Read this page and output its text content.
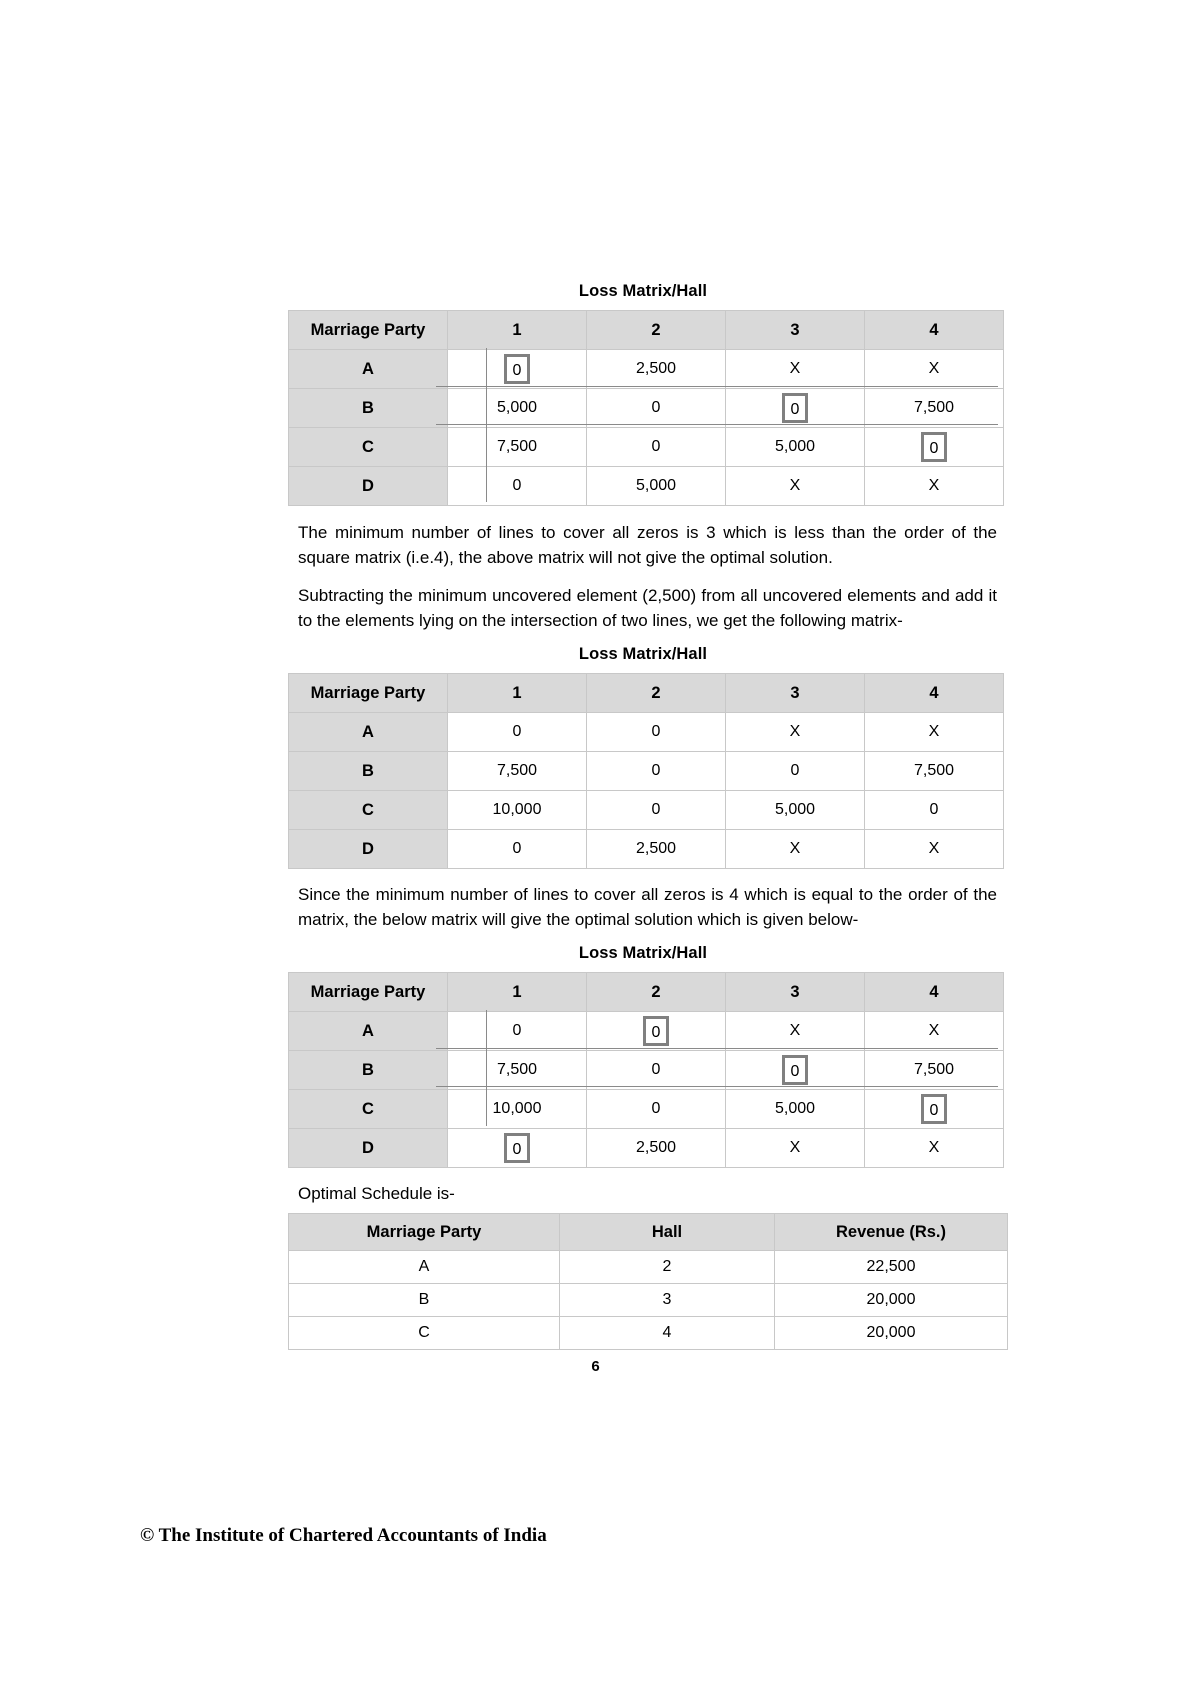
Loss Matrix/Hall
Marriage Party	1	2	3	4
A	0	2,500	X	X
B	5,000	0	0	7,500
C	7,500	0	5,000	0
D	0	5,000	X	X

The minimum number of lines to cover all zeros is 3 which is less than the order of the square matrix (i.e.4), the above matrix will not give the optimal solution.

Subtracting the minimum uncovered element (2,500) from all uncovered elements and add it to the elements lying on the intersection of two lines, we get the following matrix-

Loss Matrix/Hall
Marriage Party	1	2	3	4
A	0	0	X	X
B	7,500	0	0	7,500
C	10,000	0	5,000	0
D	0	2,500	X	X

Since the minimum number of lines to cover all zeros is 4 which is equal to the order of the matrix, the below matrix will give the optimal solution which is given below-

Loss Matrix/Hall
Marriage Party	1	2	3	4
A	0	0	X	X
B	7,500	0	0	7,500
C	10,000	0	5,000	0
D	0	2,500	X	X
Optimal Schedule is-
Marriage Party	Hall	Revenue (Rs.)
A	2	22,500
B	3	20,000
C	4	20,000
6
© The Institute of Chartered Accountants of India
